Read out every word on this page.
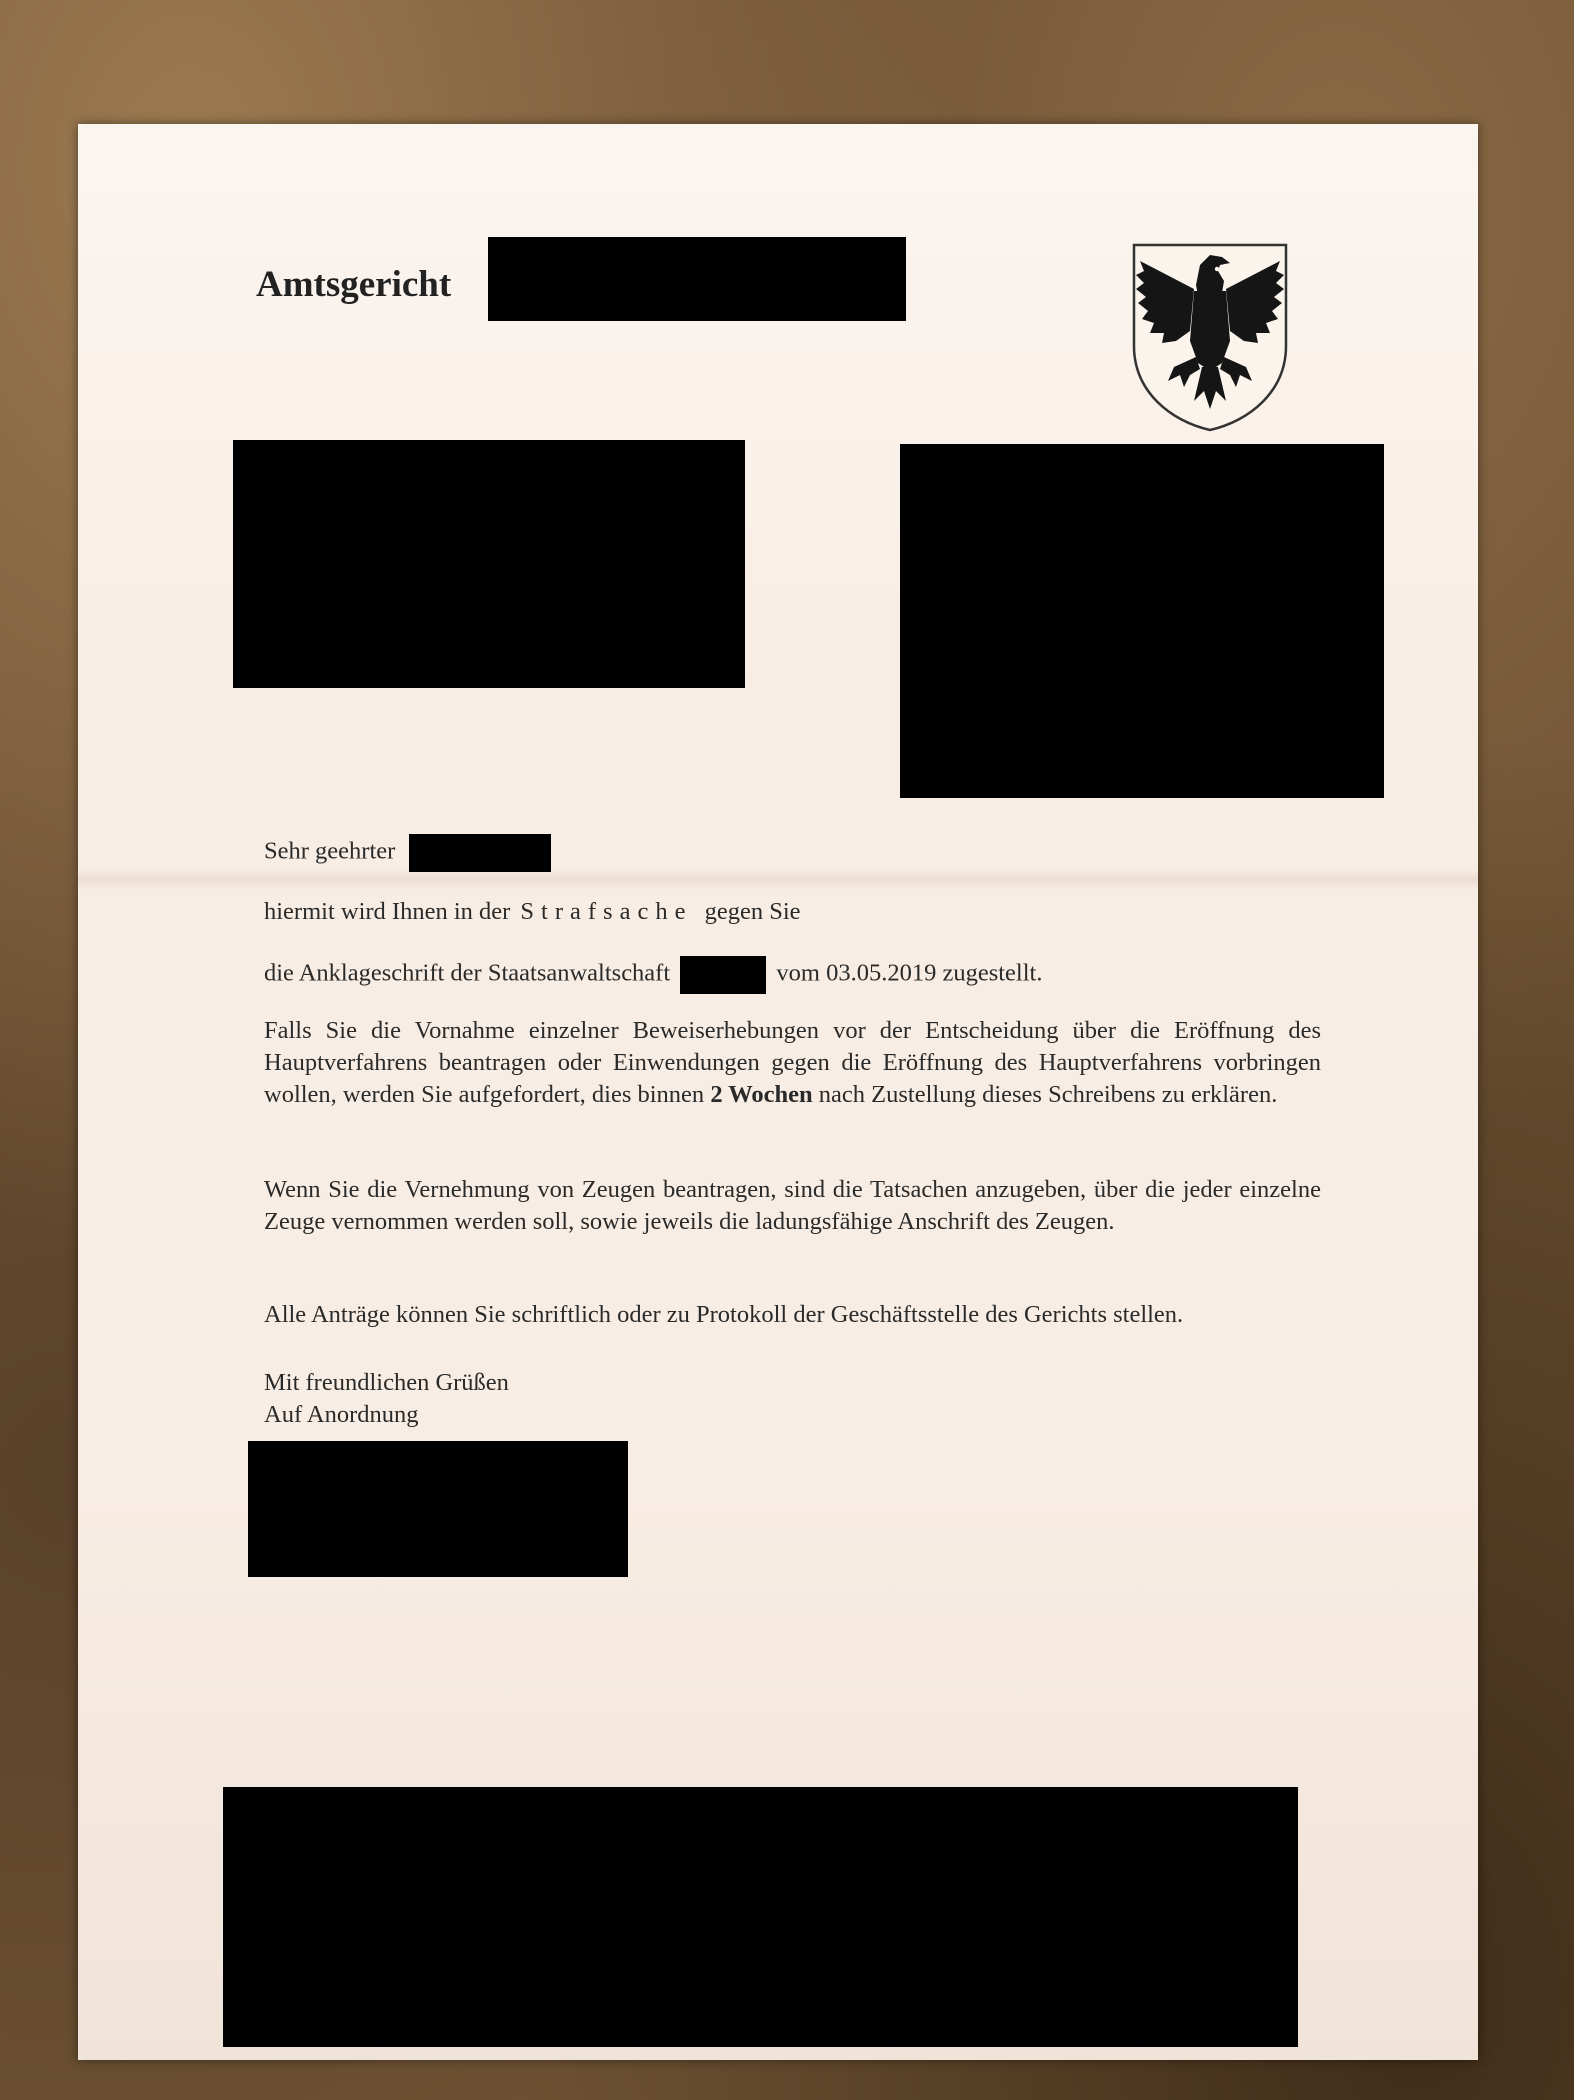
Amtsgericht
Sehr geehrter
hiermit wird Ihnen in der Strafsache gegen Sie
die Anklageschrift der Staatsanwaltschaft	vom 03.05.2019 zugestellt.
Falls Sie die Vornahme einzelner Beweiserhebungen vor der Entscheidung über die Eröffnung des Hauptverfahrens beantragen oder Einwendungen gegen die Eröffnung des Hauptverfahrens vorbringen wollen, werden Sie aufgefordert, dies binnen 2 Wochen nach Zustellung dieses Schreibens zu erklären.
Wenn Sie die Vernehmung von Zeugen beantragen, sind die Tatsachen anzugeben, über die jeder einzelne Zeuge vernommen werden soll, sowie jeweils die ladungsfähige Anschrift des Zeugen.
Alle Anträge können Sie schriftlich oder zu Protokoll der Geschäftsstelle des Gerichts stellen.
Mit freundlichen Grüßen
Auf Anordnung
